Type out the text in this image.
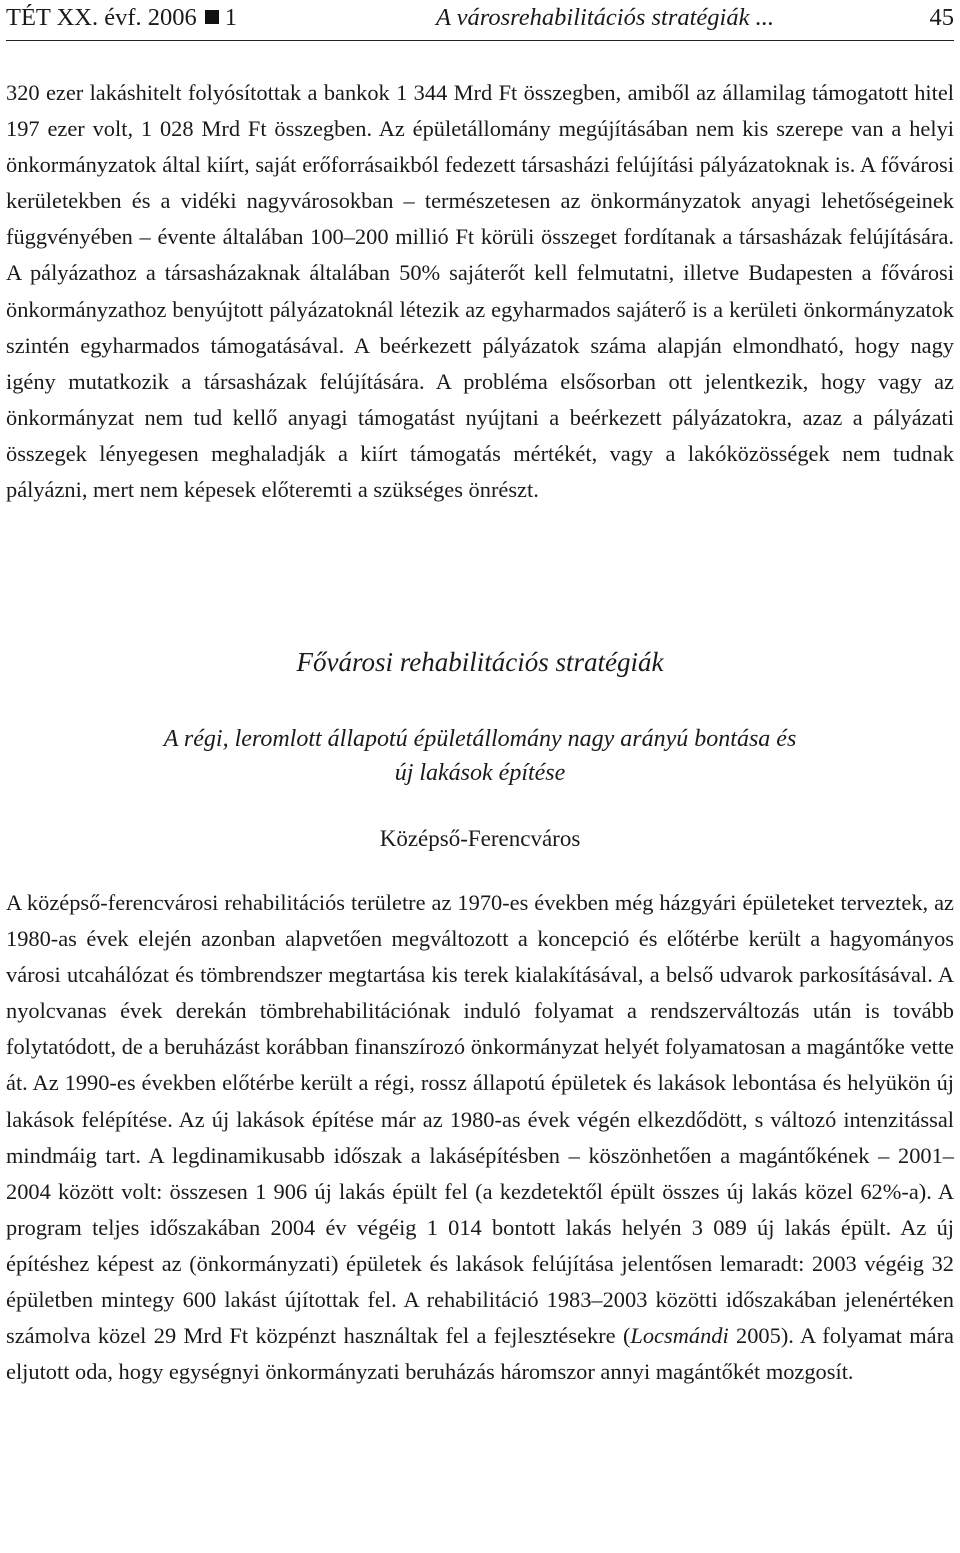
TÉT XX. évf. 2006 1	A városrehabilitációs stratégiák ...	45

320 ezer lakáshitelt folyósítottak a bankok 1 344 Mrd Ft összegben, amiből az államilag támogatott hitel 197 ezer volt, 1 028 Mrd Ft összegben. Az épületállomány megújításában nem kis szerepe van a helyi önkormányzatok által kiírt, saját erőforrásaikból fedezett társasházi felújítási pályázatoknak is. A fővárosi kerületekben és a vidéki nagyvárosokban – természetesen az önkormányzatok anyagi lehetőségeinek függvényében – évente általában 100–200 millió Ft körüli összeget fordítanak a társasházak felújítására. A pályázathoz a társasházaknak általában 50% sajáterőt kell felmutatni, illetve Budapesten a fővárosi önkormányzathoz benyújtott pályázatoknál létezik az egyharmados sajáterő is a kerületi önkormányzatok szintén egyharmados támogatásával. A beérkezett pályázatok száma alapján elmondható, hogy nagy igény mutatkozik a társasházak felújítására. A probléma elsősorban ott jelentkezik, hogy vagy az önkormányzat nem tud kellő anyagi támogatást nyújtani a beérkezett pályázatokra, azaz a pályázati összegek lényegesen meghaladják a kiírt támogatás mértékét, vagy a lakóközösségek nem tudnak pályázni, mert nem képesek előteremti a szükséges önrészt.

Fővárosi rehabilitációs stratégiák
A régi, leromlott állapotú épületállomány nagy arányú bontása és
új lakások építése
Középső-Ferencváros

A középső-ferencvárosi rehabilitációs területre az 1970-es években még házgyári épületeket terveztek, az 1980-as évek elején azonban alapvetően megváltozott a koncepció és előtérbe került a hagyományos városi utcahálózat és tömbrendszer megtartása kis terek kialakításával, a belső udvarok parkosításával. A nyolcvanas évek derekán tömbrehabilitációnak induló folyamat a rendszerváltozás után is tovább folytatódott, de a beruházást korábban finanszírozó önkormányzat helyét folyamatosan a magántőke vette át. Az 1990-es években előtérbe került a régi, rossz állapotú épületek és lakások lebontása és helyükön új lakások felépítése. Az új lakások építése már az 1980-as évek végén elkezdődött, s változó intenzitással mindmáig tart. A legdinamikusabb időszak a lakásépítésben – köszönhetően a magántőkének – 2001–2004 között volt: összesen 1 906 új lakás épült fel (a kezdetektől épült összes új lakás közel 62%-a). A program teljes időszakában 2004 év végéig 1 014 bontott lakás helyén 3 089 új lakás épült. Az új építéshez képest az (önkormányzati) épületek és lakások felújítása jelentősen lemaradt: 2003 végéig 32 épületben mintegy 600 lakást újítottak fel. A rehabilitáció 1983–2003 közötti időszakában jelenértéken számolva közel 29 Mrd Ft közpénzt használtak fel a fejlesztésekre (Locsmándi 2005). A folyamat mára eljutott oda, hogy egységnyi önkormányzati beruházás háromszor annyi magántőkét mozgosít.
